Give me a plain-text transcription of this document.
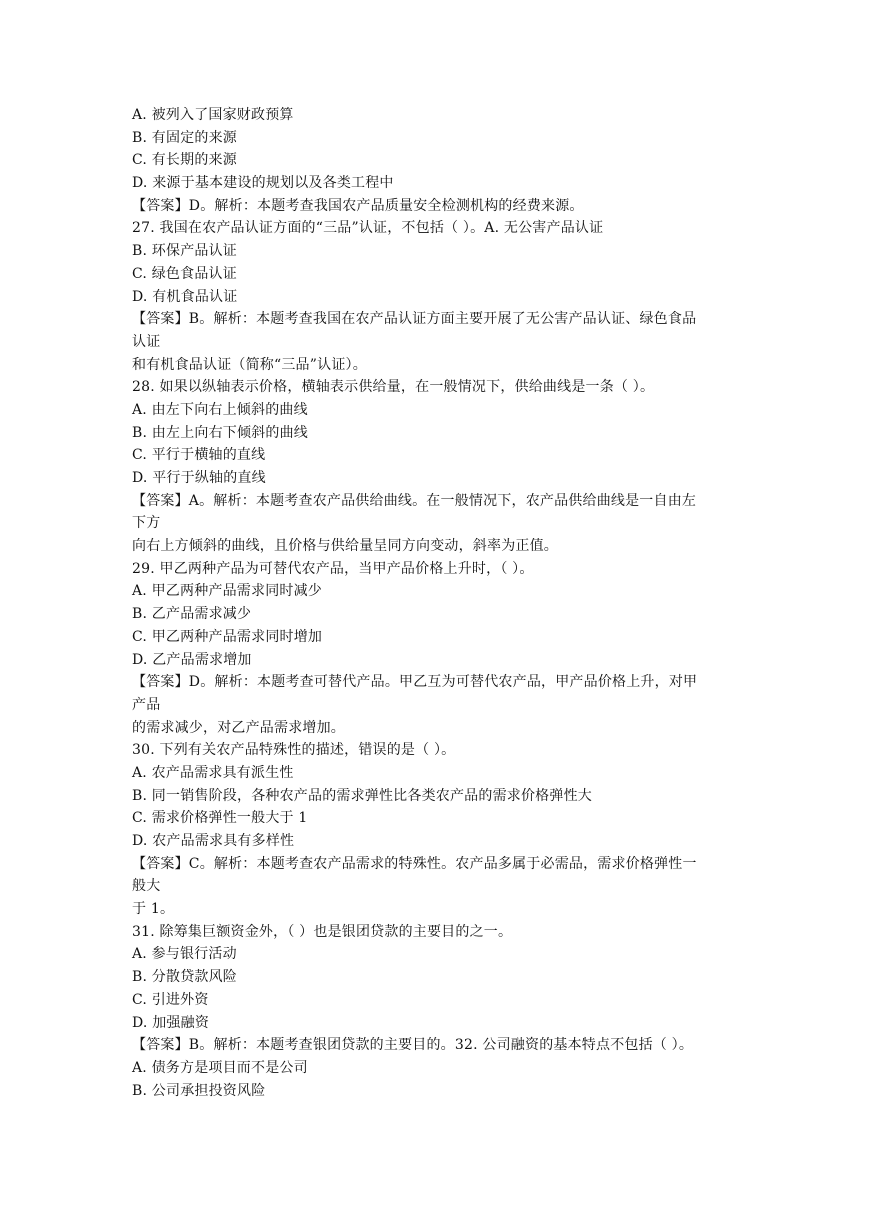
A. 被列入了国家财政预算
B. 有固定的来源
C. 有长期的来源
D. 来源于基本建设的规划以及各类工程中
【答案】D。解析：本题考查我国农产品质量安全检测机构的经费来源。
27. 我国在农产品认证方面的“三品”认证，不包括（ ）。A. 无公害产品认证
B. 环保产品认证
C. 绿色食品认证
D. 有机食品认证
【答案】B。解析：本题考查我国在农产品认证方面主要开展了无公害产品认证、绿色食品
认证
和有机食品认证（简称“三品”认证）。
28. 如果以纵轴表示价格，横轴表示供给量，在一般情况下，供给曲线是一条（ ）。
A. 由左下向右上倾斜的曲线
B. 由左上向右下倾斜的曲线
C. 平行于横轴的直线
D. 平行于纵轴的直线
【答案】A。解析：本题考查农产品供给曲线。在一般情况下，农产品供给曲线是一自由左
下方
向右上方倾斜的曲线，且价格与供给量呈同方向变动，斜率为正值。
29. 甲乙两种产品为可替代农产品，当甲产品价格上升时，（ ）。
A. 甲乙两种产品需求同时减少
B. 乙产品需求减少
C. 甲乙两种产品需求同时增加
D. 乙产品需求增加
【答案】D。解析：本题考查可替代产品。甲乙互为可替代农产品，甲产品价格上升，对甲
产品
的需求减少，对乙产品需求增加。
30. 下列有关农产品特殊性的描述，错误的是（ ）。
A. 农产品需求具有派生性
B. 同一销售阶段，各种农产品的需求弹性比各类农产品的需求价格弹性大
C. 需求价格弹性一般大于 1
D. 农产品需求具有多样性
【答案】C。解析：本题考查农产品需求的特殊性。农产品多属于必需品，需求价格弹性一
般大
于 1。
31. 除筹集巨额资金外，（ ）也是银团贷款的主要目的之一。
A. 参与银行活动
B. 分散贷款风险
C. 引进外资
D. 加强融资
【答案】B。解析：本题考查银团贷款的主要目的。32. 公司融资的基本特点不包括（ ）。
A. 债务方是项目而不是公司
B. 公司承担投资风险
